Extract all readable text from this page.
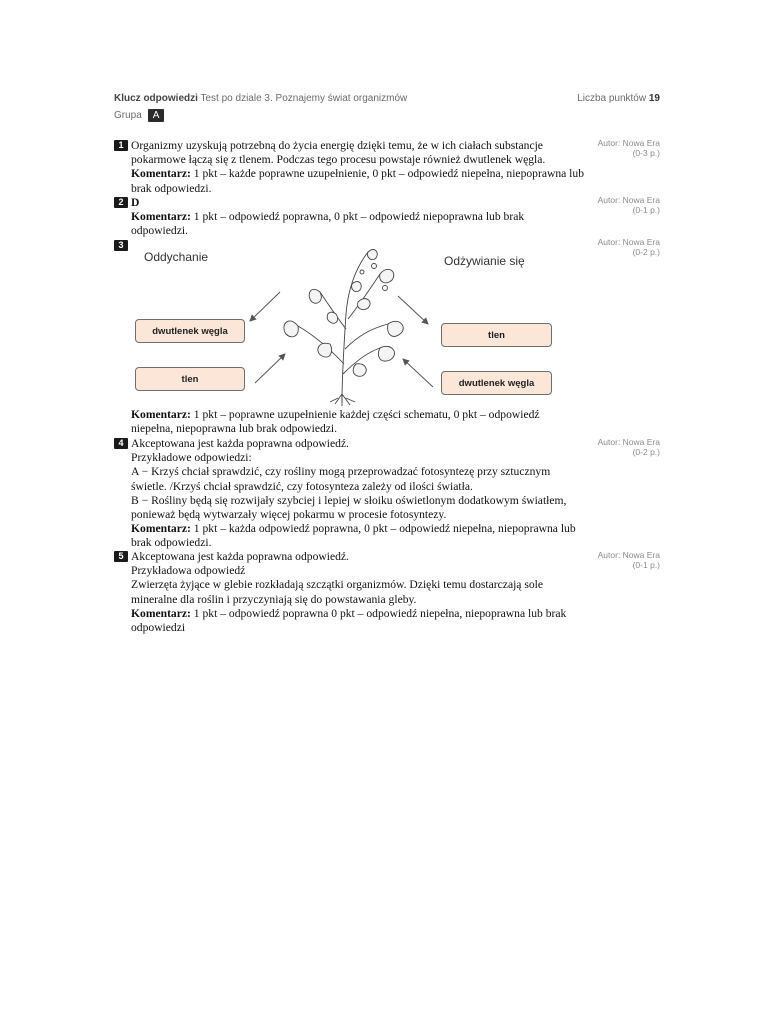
Klucz odpowiedzi Test po dziale 3. Poznajemy świat organizmów	Liczba punktów 19
Grupa	A
1 Organizmy uzyskują potrzebną do życia energię dzięki temu, że w ich ciałach substancje pokarmowe łączą się z tlenem. Podczas tego procesu powstaje również dwutlenek węgla.

Komentarz: 1 pkt – każde poprawne uzupełnienie, 0 pkt – odpowiedź niepełna, niepoprawna lub brak odpowiedzi.

Autor: Nowa Era
(0-3 p.)
2 D

Komentarz: 1 pkt – odpowiedź poprawna, 0 pkt – odpowiedź niepoprawna lub brak odpowiedzi.

Autor: Nowa Era
(0-1 p.)
3	Autor: Nowa Era
(0-2 p.)
Oddychanie	Odżywianie się
dwutlenek węgla
tlen
tlen
dwutlenek węgla

Komentarz: 1 pkt – poprawne uzupełnienie każdej części schematu, 0 pkt – odpowiedź niepełna, niepoprawna lub brak odpowiedzi.

4 Akceptowana jest każda poprawna odpowiedź.

Przykładowe odpowiedzi:

A − Krzyś chciał sprawdzić, czy rośliny mogą przeprowadzać fotosyntezę przy sztucznym świetle. /Krzyś chciał sprawdzić, czy fotosynteza zależy od ilości światła.

B − Rośliny będą się rozwijały szybciej i lepiej w słoiku oświetlonym dodatkowym światłem, ponieważ będą wytwarzały więcej pokarmu w procesie fotosyntezy.

Komentarz: 1 pkt – każda odpowiedź poprawna, 0 pkt – odpowiedź niepełna, niepoprawna lub brak odpowiedzi.

Autor: Nowa Era
(0-2 p.)
5 Akceptowana jest każda poprawna odpowiedź.

Przykładowa odpowiedź

Zwierzęta żyjące w glebie rozkładają szczątki organizmów. Dzięki temu dostarczają sole mineralne dla roślin i przyczyniają się do powstawania gleby.

Komentarz: 1 pkt – odpowiedź poprawna 0 pkt – odpowiedź niepełna, niepoprawna lub brak odpowiedzi

Autor: Nowa Era
(0-1 p.)
